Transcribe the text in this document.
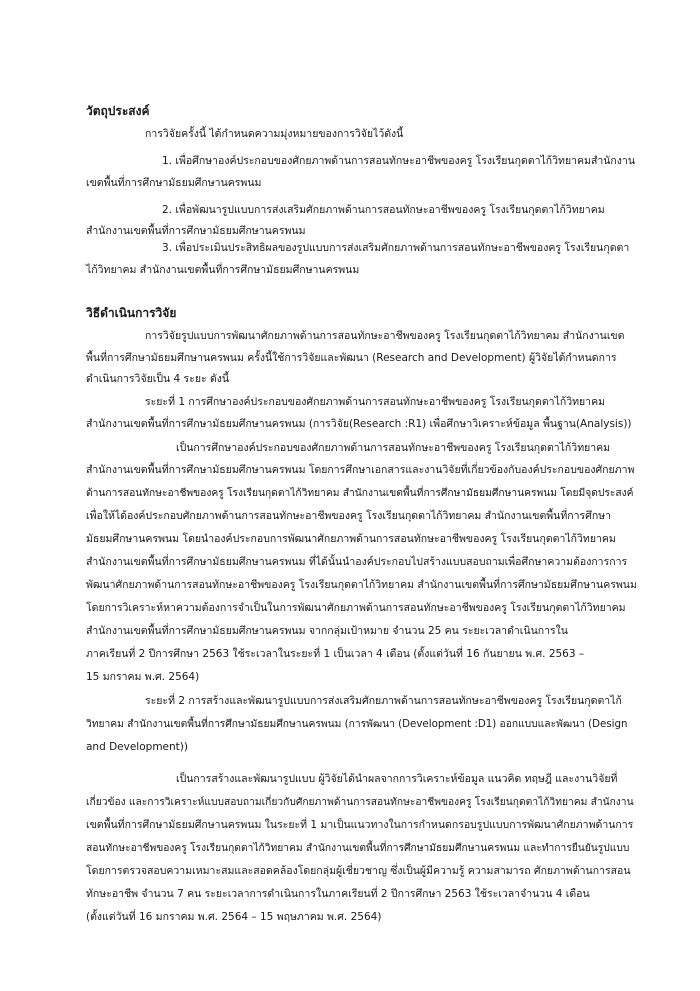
วัตถุประสงค์
การวิจัยครั้งนี้ ได้กำหนดความมุ่งหมายของการวิจัยไว้ดังนี้
1. เพื่อศึกษาองค์ประกอบของศักยภาพด้านการสอนทักษะอาชีพของครู โรงเรียนกุดตาไก้วิทยาคมสำนักงาน
เขตพื้นที่การศึกษามัธยมศึกษานครพนม
2. เพื่อพัฒนารูปแบบการส่งเสริมศักยภาพด้านการสอนทักษะอาชีพของครู โรงเรียนกุดตาไก้วิทยาคม
สำนักงานเขตพื้นที่การศึกษามัธยมศึกษานครพนม
3. เพื่อประเมินประสิทธิผลของรูปแบบการส่งเสริมศักยภาพด้านการสอนทักษะอาชีพของครู โรงเรียนกุดตา
ไก้วิทยาคม สำนักงานเขตพื้นที่การศึกษามัธยมศึกษานครพนม
วิธีดำเนินการวิจัย
การวิจัยรูปแบบการพัฒนาศักยภาพด้านการสอนทักษะอาชีพของครู โรงเรียนกุดตาไก้วิทยาคม สำนักงานเขต
พื้นที่การศึกษามัธยมศึกษานครพนม ครั้งนี้ใช้การวิจัยและพัฒนา (Research and Development) ผู้วิจัยได้กำหนดการ
ดำเนินการวิจัยเป็น 4 ระยะ ดังนี้
ระยะที่ 1 การศึกษาองค์ประกอบของศักยภาพด้านการสอนทักษะอาชีพของครู โรงเรียนกุดตาไก้วิทยาคม
สำนักงานเขตพื้นที่การศึกษามัธยมศึกษานครพนม (การวิจัย(Research :R1) เพื่อศึกษาวิเคราะห์ข้อมูล พื้นฐาน(Analysis))
เป็นการศึกษาองค์ประกอบของศักยภาพด้านการสอนทักษะอาชีพของครู โรงเรียนกุดตาไก้วิทยาคม
สำนักงานเขตพื้นที่การศึกษามัธยมศึกษานครพนม โดยการศึกษาเอกสารและงานวิจัยที่เกี่ยวข้องกับองค์ประกอบของศักยภาพ
ด้านการสอนทักษะอาชีพของครู โรงเรียนกุดตาไก้วิทยาคม สำนักงานเขตพื้นที่การศึกษามัธยมศึกษานครพนม โดยมีจุดประสงค์
เพื่อให้ได้องค์ประกอบศักยภาพด้านการสอนทักษะอาชีพของครู โรงเรียนกุดตาไก้วิทยาคม สำนักงานเขตพื้นที่การศึกษา
มัธยมศึกษานครพนม โดยนำองค์ประกอบการพัฒนาศักยภาพด้านการสอนทักษะอาชีพของครู โรงเรียนกุดตาไก้วิทยาคม
สำนักงานเขตพื้นที่การศึกษามัธยมศึกษานครพนม ที่ได้นั้นนำองค์ประกอบไปสร้างแบบสอบถามเพื่อศึกษาความต้องการการ
พัฒนาศักยภาพด้านการสอนทักษะอาชีพของครู โรงเรียนกุดตาไก้วิทยาคม สำนักงานเขตพื้นที่การศึกษามัธยมศึกษานครพนม
โดยการวิเคราะห์หาความต้องการจำเป็นในการพัฒนาศักยภาพด้านการสอนทักษะอาชีพของครู โรงเรียนกุดตาไก้วิทยาคม
สำนักงานเขตพื้นที่การศึกษามัธยมศึกษานครพนม จากกลุ่มเป้าหมาย จำนวน 25 คน ระยะเวลาดำเนินการใน
ภาคเรียนที่ 2 ปีการศึกษา 2563 ใช้ระเวลาในระยะที่ 1 เป็นเวลา 4 เดือน (ตั้งแต่วันที่ 16 กันยายน พ.ศ. 2563 –
15 มกราคม พ.ศ. 2564)
ระยะที่ 2 การสร้างและพัฒนารูปแบบการส่งเสริมศักยภาพด้านการสอนทักษะอาชีพของครู โรงเรียนกุดตาไก้
วิทยาคม สำนักงานเขตพื้นที่การศึกษามัธยมศึกษานครพนม (การพัฒนา (Development :D1) ออกแบบและพัฒนา (Design
and Development))
เป็นการสร้างและพัฒนารูปแบบ ผู้วิจัยได้นำผลจากการวิเคราะห์ข้อมูล แนวคิด ทฤษฎี และงานวิจัยที่
เกี่ยวข้อง และการวิเคราะห์แบบสอบถามเกี่ยวกับศักยภาพด้านการสอนทักษะอาชีพของครู โรงเรียนกุดตาไก้วิทยาคม สำนักงาน
เขตพื้นที่การศึกษามัธยมศึกษานครพนม ในระยะที่ 1 มาเป็นแนวทางในการกำหนดกรอบรูปแบบการพัฒนาศักยภาพด้านการ
สอนทักษะอาชีพของครู โรงเรียนกุดตาไก้วิทยาคม สำนักงานเขตพื้นที่การศึกษามัธยมศึกษานครพนม และทำการยืนยันรูปแบบ
โดยการตรวจสอบความเหมาะสมและสอดคล้องโดยกลุ่มผู้เชี่ยวชาญ ซึ่งเป็นผู้มีความรู้ ความสามารถ ศักยภาพด้านการสอน
ทักษะอาชีพ จำนวน 7 คน ระยะเวลาการดำเนินการในภาคเรียนที่ 2 ปีการศึกษา 2563 ใช้ระเวลาจำนวน 4 เดือน
(ตั้งแต่วันที่ 16 มกราคม พ.ศ. 2564 – 15 พฤษภาคม พ.ศ. 2564)
